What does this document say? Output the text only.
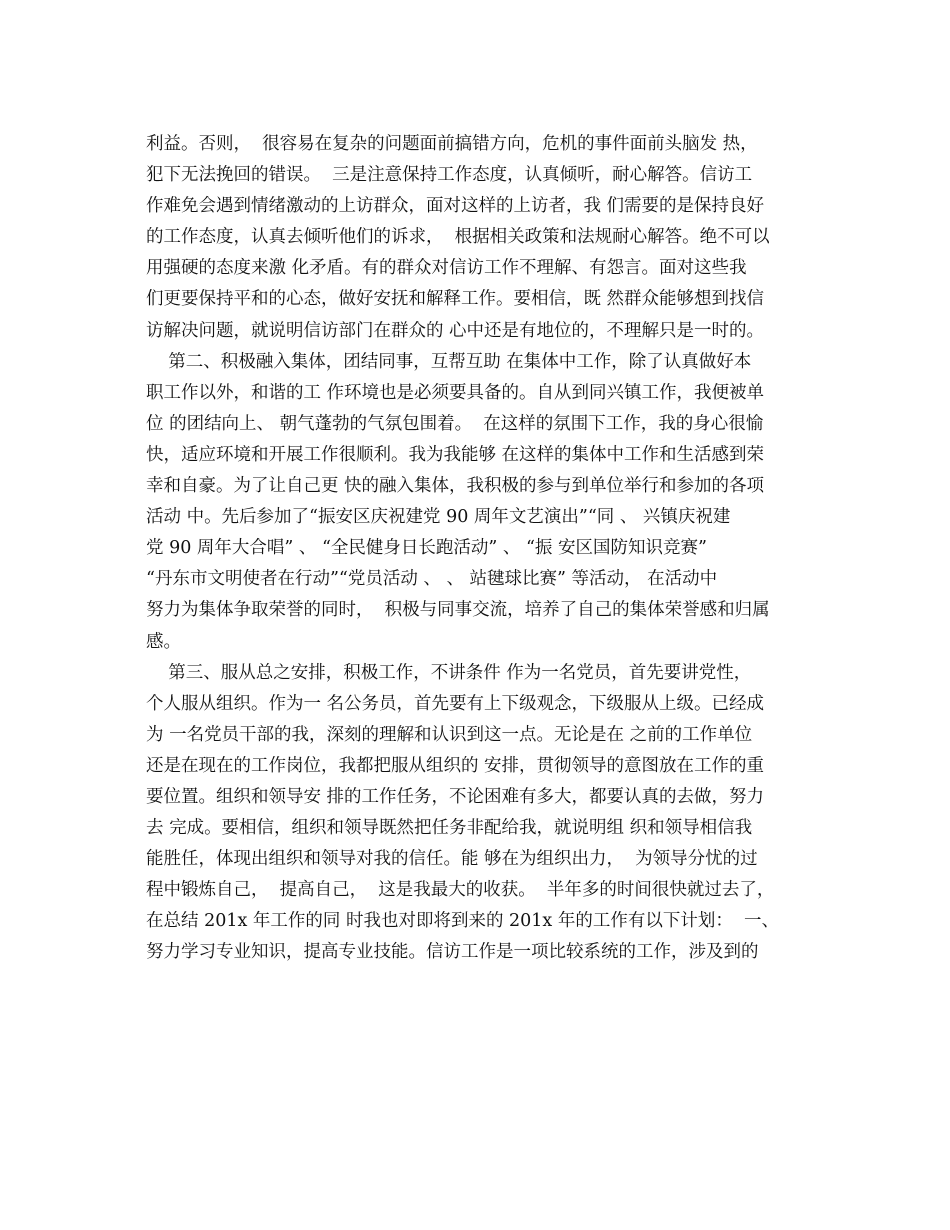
利益。否则，  很容易在复杂的问题面前搞错方向，危机的事件面前头脑发 热，
犯下无法挽回的错误。  三是注意保持工作态度，认真倾听，耐心解答。信访工
作难免会遇到情绪激动的上访群众，面对这样的上访者，我 们需要的是保持良好
的工作态度，认真去倾听他们的诉求，  根据相关政策和法规耐心解答。绝不可以
用强硬的态度来激 化矛盾。有的群众对信访工作不理解、有怨言。面对这些我
们更要保持平和的心态，做好安抚和解释工作。要相信，既 然群众能够想到找信
访解决问题，就说明信访部门在群众的 心中还是有地位的，不理解只是一时的。
第二、积极融入集体，团结同事，互帮互助 在集体中工作，除了认真做好本
职工作以外，和谐的工 作环境也是必须要具备的。自从到同兴镇工作，我便被单
位 的团结向上、 朝气蓬勃的气氛包围着。  在这样的氛围下工作，我的身心很愉
快，适应环境和开展工作很顺利。我为我能够 在这样的集体中工作和生活感到荣
幸和自豪。为了让自己更 快的融入集体，我积极的参与到单位举行和参加的各项
活动 中。先后参加了“振安区庆祝建党 90 周年文艺演出”“同 、 兴镇庆祝建
党 90 周年大合唱” 、 “全民健身日长跑活动” 、 “振 安区国防知识竞赛”
“丹东市文明使者在行动”“党员活动 、 、 站毽球比赛” 等活动， 在活动中
努力为集体争取荣誉的同时，  积极与同事交流，培养了自己的集体荣誉感和归属
感。
第三、服从总之安排，积极工作，不讲条件 作为一名党员，首先要讲党性，
个人服从组织。作为一 名公务员，首先要有上下级观念，下级服从上级。已经成
为 一名党员干部的我，深刻的理解和认识到这一点。无论是在 之前的工作单位
还是在现在的工作岗位，我都把服从组织的 安排，贯彻领导的意图放在工作的重
要位置。组织和领导安 排的工作任务，不论困难有多大，都要认真的去做，努力
去 完成。要相信，组织和领导既然把任务非配给我，就说明组 织和领导相信我
能胜任，体现出组织和领导对我的信任。能 够在为组织出力，  为领导分忧的过
程中锻炼自己，  提高自己，  这是我最大的收获。  半年多的时间很快就过去了，
在总结 201x 年工作的同 时我也对即将到来的 201x 年的工作有以下计划：  一、
努力学习专业知识，提高专业技能。信访工作是一项比较系统的工作，涉及到的
